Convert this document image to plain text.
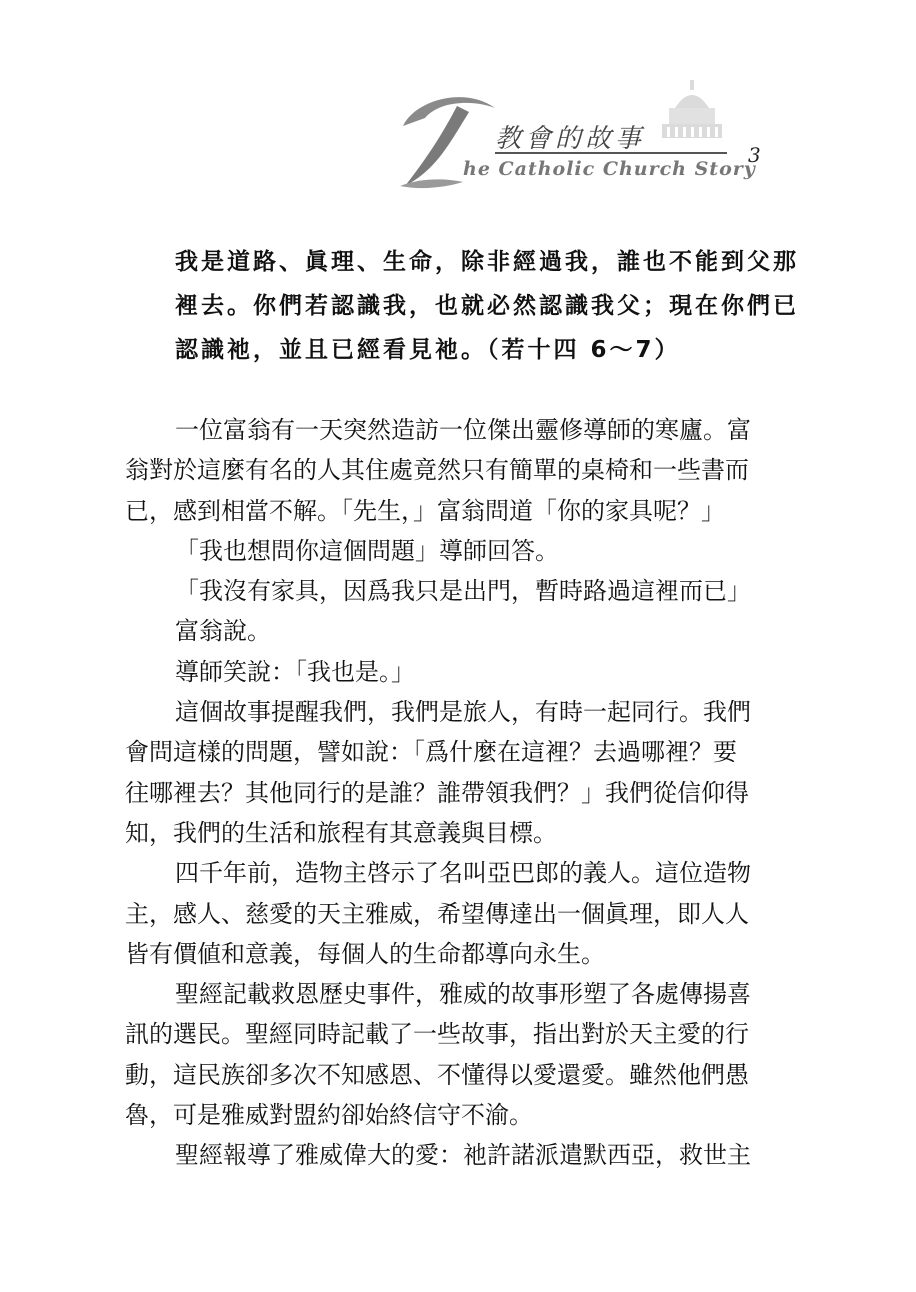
教會的故事
he Catholic Church Story
3
我是道路、眞理、生命，除非經過我，誰也不能到父那
裡去。你們若認識我，也就必然認識我父；現在你們已
認識祂，並且已經看見祂。（若十四 6～7）
一位富翁有一天突然造訪一位傑出靈修導師的寒廬。富
翁對於這麼有名的人其住處竟然只有簡單的桌椅和一些書而
已，感到相當不解。「先生，」富翁問道「你的家具呢？」
「我也想問你這個問題」導師回答。
「我沒有家具，因爲我只是出門，暫時路過這裡而已」
富翁說。
導師笑說：「我也是。」
這個故事提醒我們，我們是旅人，有時一起同行。我們
會問這樣的問題，譬如說：「爲什麼在這裡？去過哪裡？要
往哪裡去？其他同行的是誰？誰帶領我們？」我們從信仰得
知，我們的生活和旅程有其意義與目標。
四千年前，造物主啓示了名叫亞巴郎的義人。這位造物
主，感人、慈愛的天主雅威，希望傳達出一個眞理，即人人
皆有價値和意義，每個人的生命都導向永生。
聖經記載救恩歷史事件，雅威的故事形塑了各處傳揚喜
訊的選民。聖經同時記載了一些故事，指出對於天主愛的行
動，這民族卻多次不知感恩、不懂得以愛還愛。雖然他們愚
魯，可是雅威對盟約卻始終信守不渝。
聖經報導了雅威偉大的愛：祂許諾派遣默西亞，救世主
